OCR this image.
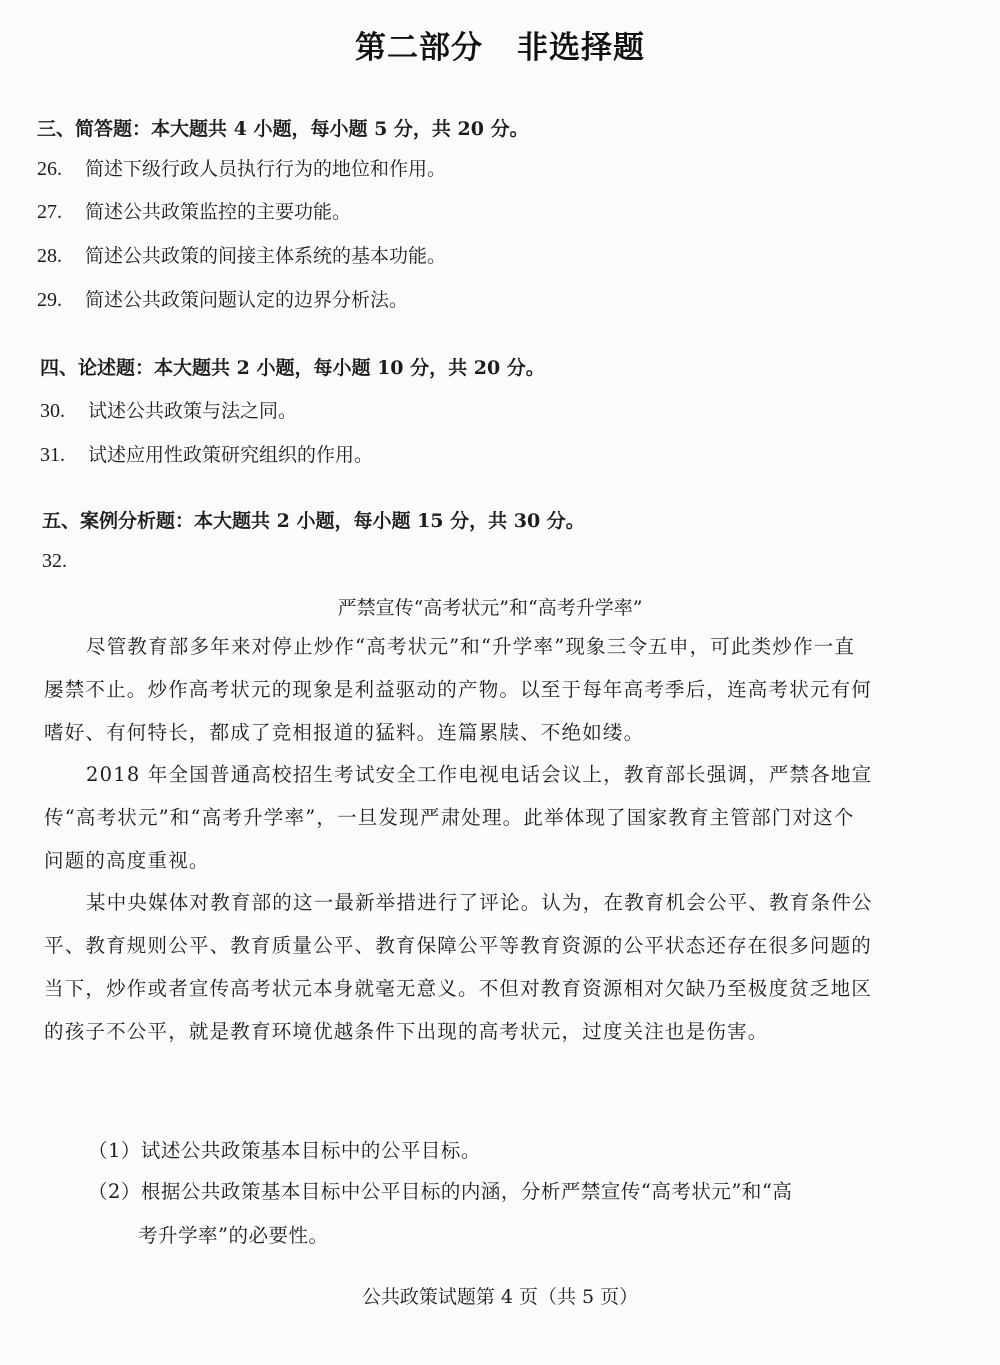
第二部分 非选择题
三、简答题：本大题共 4 小题，每小题 5 分，共 20 分。
26. 简述下级行政人员执行行为的地位和作用。
27. 简述公共政策监控的主要功能。
28. 简述公共政策的间接主体系统的基本功能。
29. 简述公共政策问题认定的边界分析法。
四、论述题：本大题共 2 小题，每小题 10 分，共 20 分。
30. 试述公共政策与法之同。
31. 试述应用性政策研究组织的作用。
五、案例分析题：本大题共 2 小题，每小题 15 分，共 30 分。
32.
严禁宣传“高考状元”和“高考升学率”
尽管教育部多年来对停止炒作“高考状元”和“升学率”现象三令五申，可此类炒作一直屡禁不止。炒作高考状元的现象是利益驱动的产物。以至于每年高考季后，连高考状元有何嗜好、有何特长，都成了竞相报道的猛料。连篇累牍、不绝如缕。
2018 年全国普通高校招生考试安全工作电视电话会议上，教育部长强调，严禁各地宣传“高考状元”和“高考升学率”，一旦发现严肃处理。此举体现了国家教育主管部门对这个问题的高度重视。
某中央媒体对教育部的这一最新举措进行了评论。认为，在教育机会公平、教育条件公平、教育规则公平、教育质量公平、教育保障公平等教育资源的公平状态还存在很多问题的当下，炒作或者宣传高考状元本身就毫无意义。不但对教育资源相对欠缺乃至极度贫乏地区的孩子不公平，就是教育环境优越条件下出现的高考状元，过度关注也是伤害。
（1）试述公共政策基本目标中的公平目标。
（2）根据公共政策基本目标中公平目标的内涵，分析严禁宣传“高考状元”和“高
考升学率”的必要性。
公共政策试题第 4 页（共 5 页）
